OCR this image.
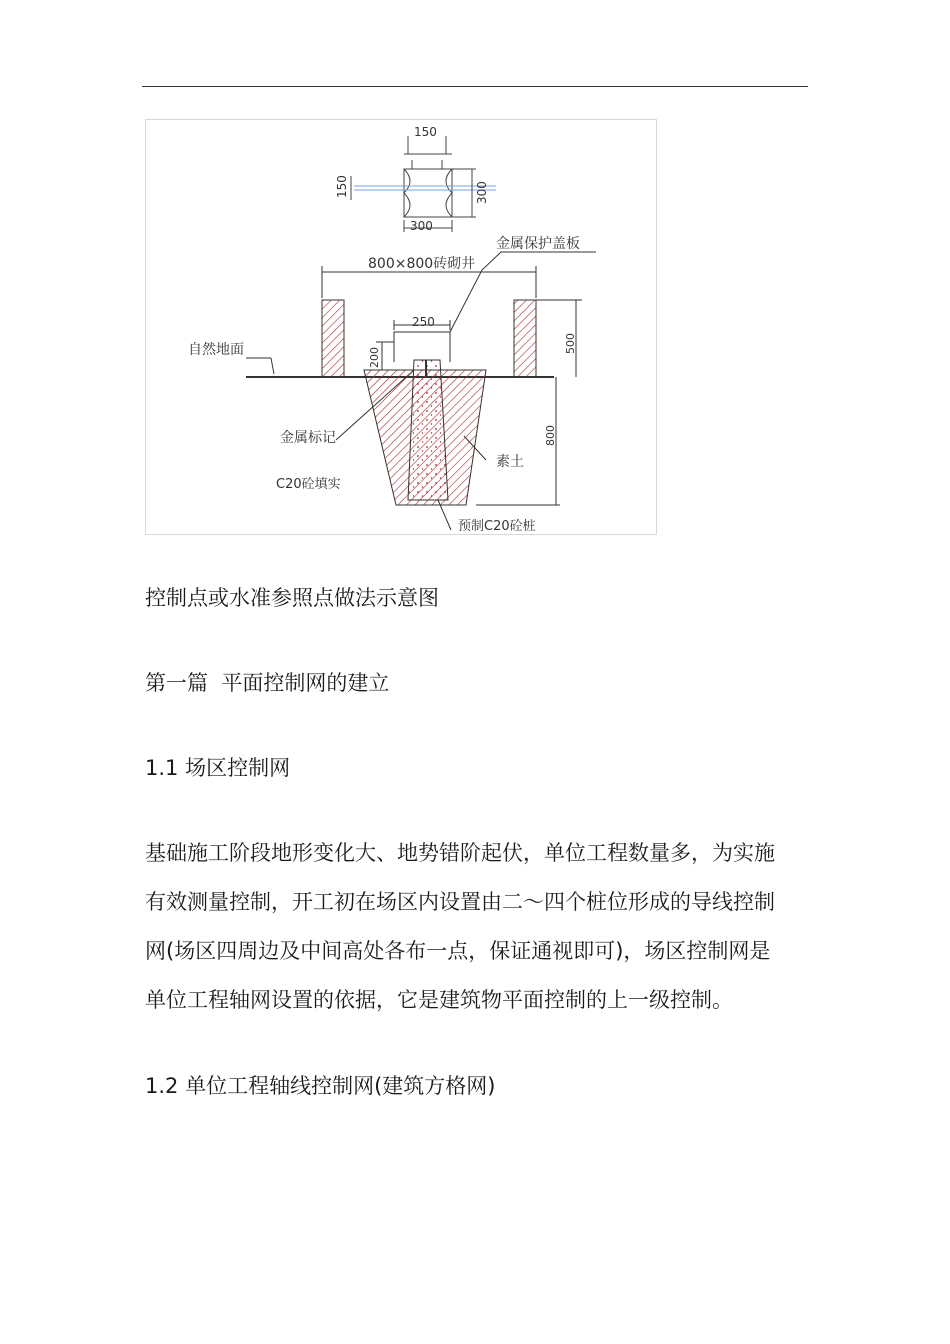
150
150	300
300
金属保护盖板
800×800砖砌井
250
自然地面	200
500
800
金属标记
素土
C20砼填实
预制C20砼桩
控制点或水准参照点做法示意图
第一篇  平面控制网的建立
1.1 场区控制网
基础施工阶段地形变化大、地势错阶起伏，单位工程数量多，为实施
有效测量控制，开工初在场区内设置由二～四个桩位形成的导线控制
网(场区四周边及中间高处各布一点，保证通视即可)，场区控制网是
单位工程轴网设置的依据，它是建筑物平面控制的上一级控制。
1.2 单位工程轴线控制网(建筑方格网)
